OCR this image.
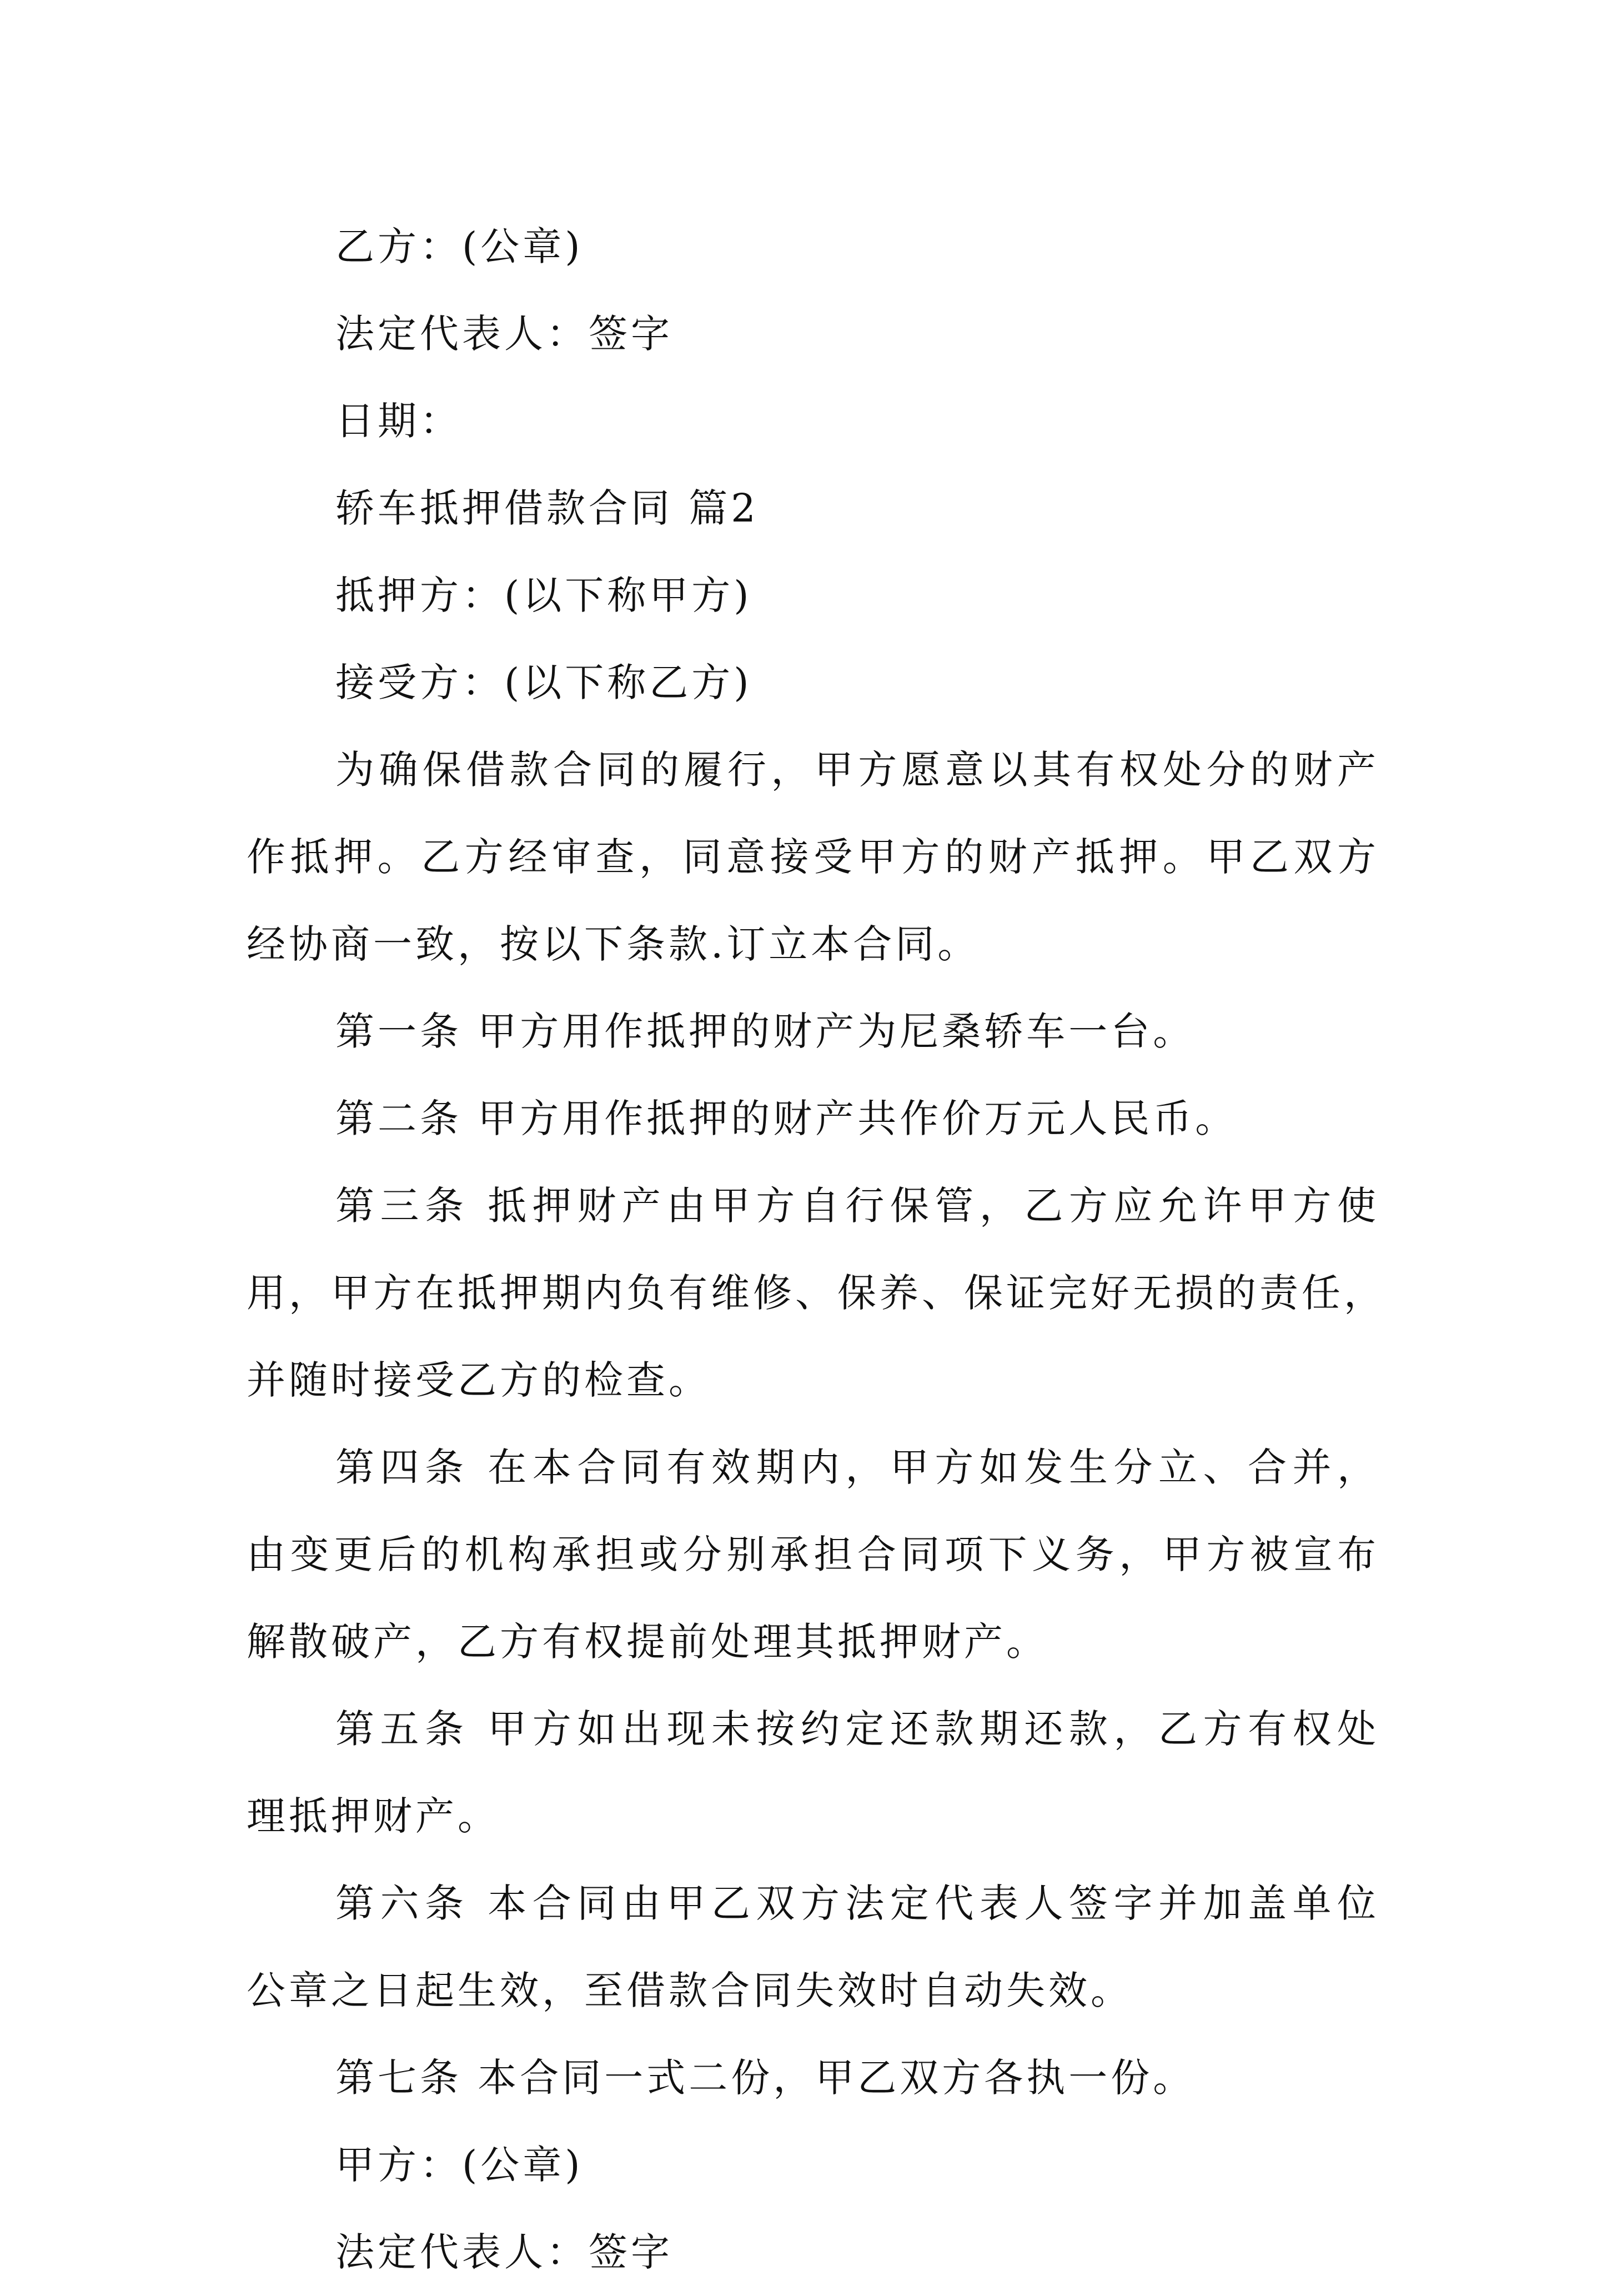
乙方：(公章)
法定代表人：签字
日期：
轿车抵押借款合同 篇2
抵押方：(以下称甲方)
接受方：(以下称乙方)
为确保借款合同的履行，甲方愿意以其有权处分的财产
作抵押。乙方经审查，同意接受甲方的财产抵押。甲乙双方
经协商一致，按以下条款.订立本合同。
第一条 甲方用作抵押的财产为尼桑轿车一台。
第二条 甲方用作抵押的财产共作价万元人民币。
第三条 抵押财产由甲方自行保管，乙方应允许甲方使
用，甲方在抵押期内负有维修、保养、保证完好无损的责任，
并随时接受乙方的检查。
第四条 在本合同有效期内，甲方如发生分立、合并，
由变更后的机构承担或分别承担合同项下义务，甲方被宣布
解散破产，乙方有权提前处理其抵押财产。
第五条 甲方如出现未按约定还款期还款，乙方有权处
理抵押财产。
第六条 本合同由甲乙双方法定代表人签字并加盖单位
公章之日起生效，至借款合同失效时自动失效。
第七条 本合同一式二份，甲乙双方各执一份。
甲方：(公章)
法定代表人：签字
